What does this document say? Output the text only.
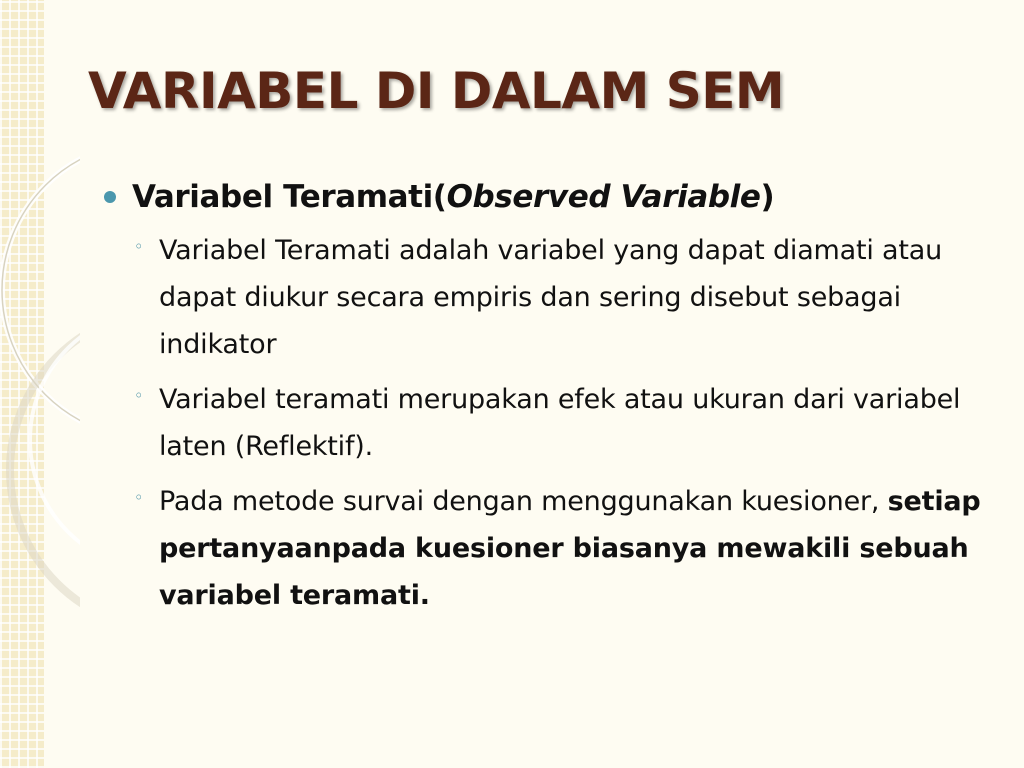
VARIABEL DI DALAM SEM
Variabel Teramati(Observed Variable)
◦ Variabel Teramati adalah variabel yang dapat diamati atau dapat diukur secara empiris dan sering disebut sebagai indikator
◦ Variabel teramati merupakan efek atau ukuran dari variabel laten (Reflektif).
◦ Pada metode survai dengan menggunakan kuesioner, setiap pertanyaanpada kuesioner biasanya mewakili sebuah variabel teramati.
